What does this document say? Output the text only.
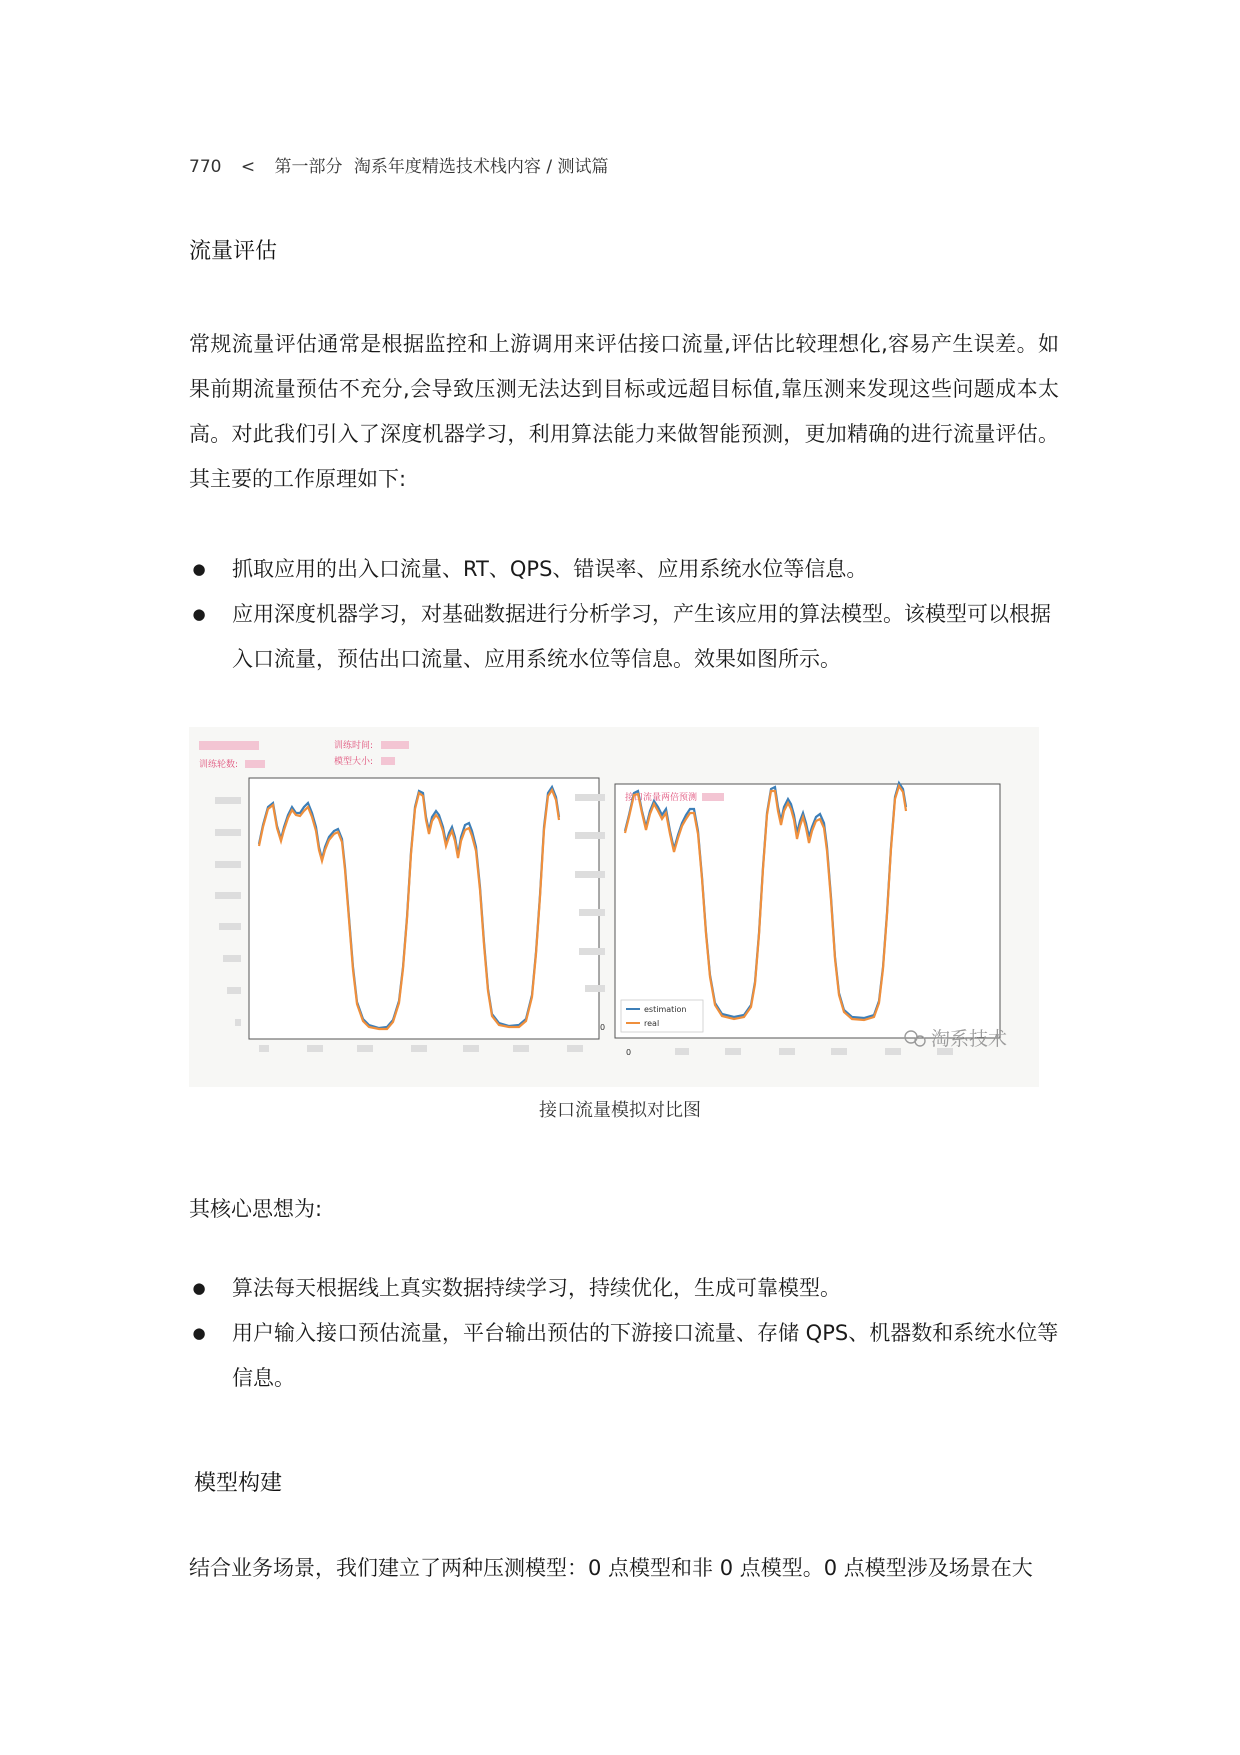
770 < 第一部分 淘系年度精选技术栈内容 / 测试篇
流量评估

常规流量评估通常是根据监控和上游调用来评估接口流量,评估比较理想化,容易产生误差。如果前期流量预估不充分,会导致压测无法达到目标或远超目标值,靠压测来发现这些问题成本太高。对此我们引入了深度机器学习，利用算法能力来做智能预测，更加精确的进行流量评估。其主要的工作原理如下:

● 抓取应用的出入口流量、RT、QPS、错误率、应用系统水位等信息。
● 应用深度机器学习，对基础数据进行分析学习，产生该应用的算法模型。该模型可以根据入口流量，预估出口流量、应用系统水位等信息。效果如图所示。
训练轮数:
训练时间:
模型大小:
接口流量两倍预测
0
0
estimation
real
淘系技术
接口流量模拟对比图

其核心思想为:

● 算法每天根据线上真实数据持续学习，持续优化，生成可靠模型。
● 用户输入接口预估流量，平台输出预估的下游接口流量、存储 QPS、机器数和系统水位等信息。
模型构建

结合业务场景，我们建立了两种压测模型：0 点模型和非 0 点模型。0 点模型涉及场景在大
